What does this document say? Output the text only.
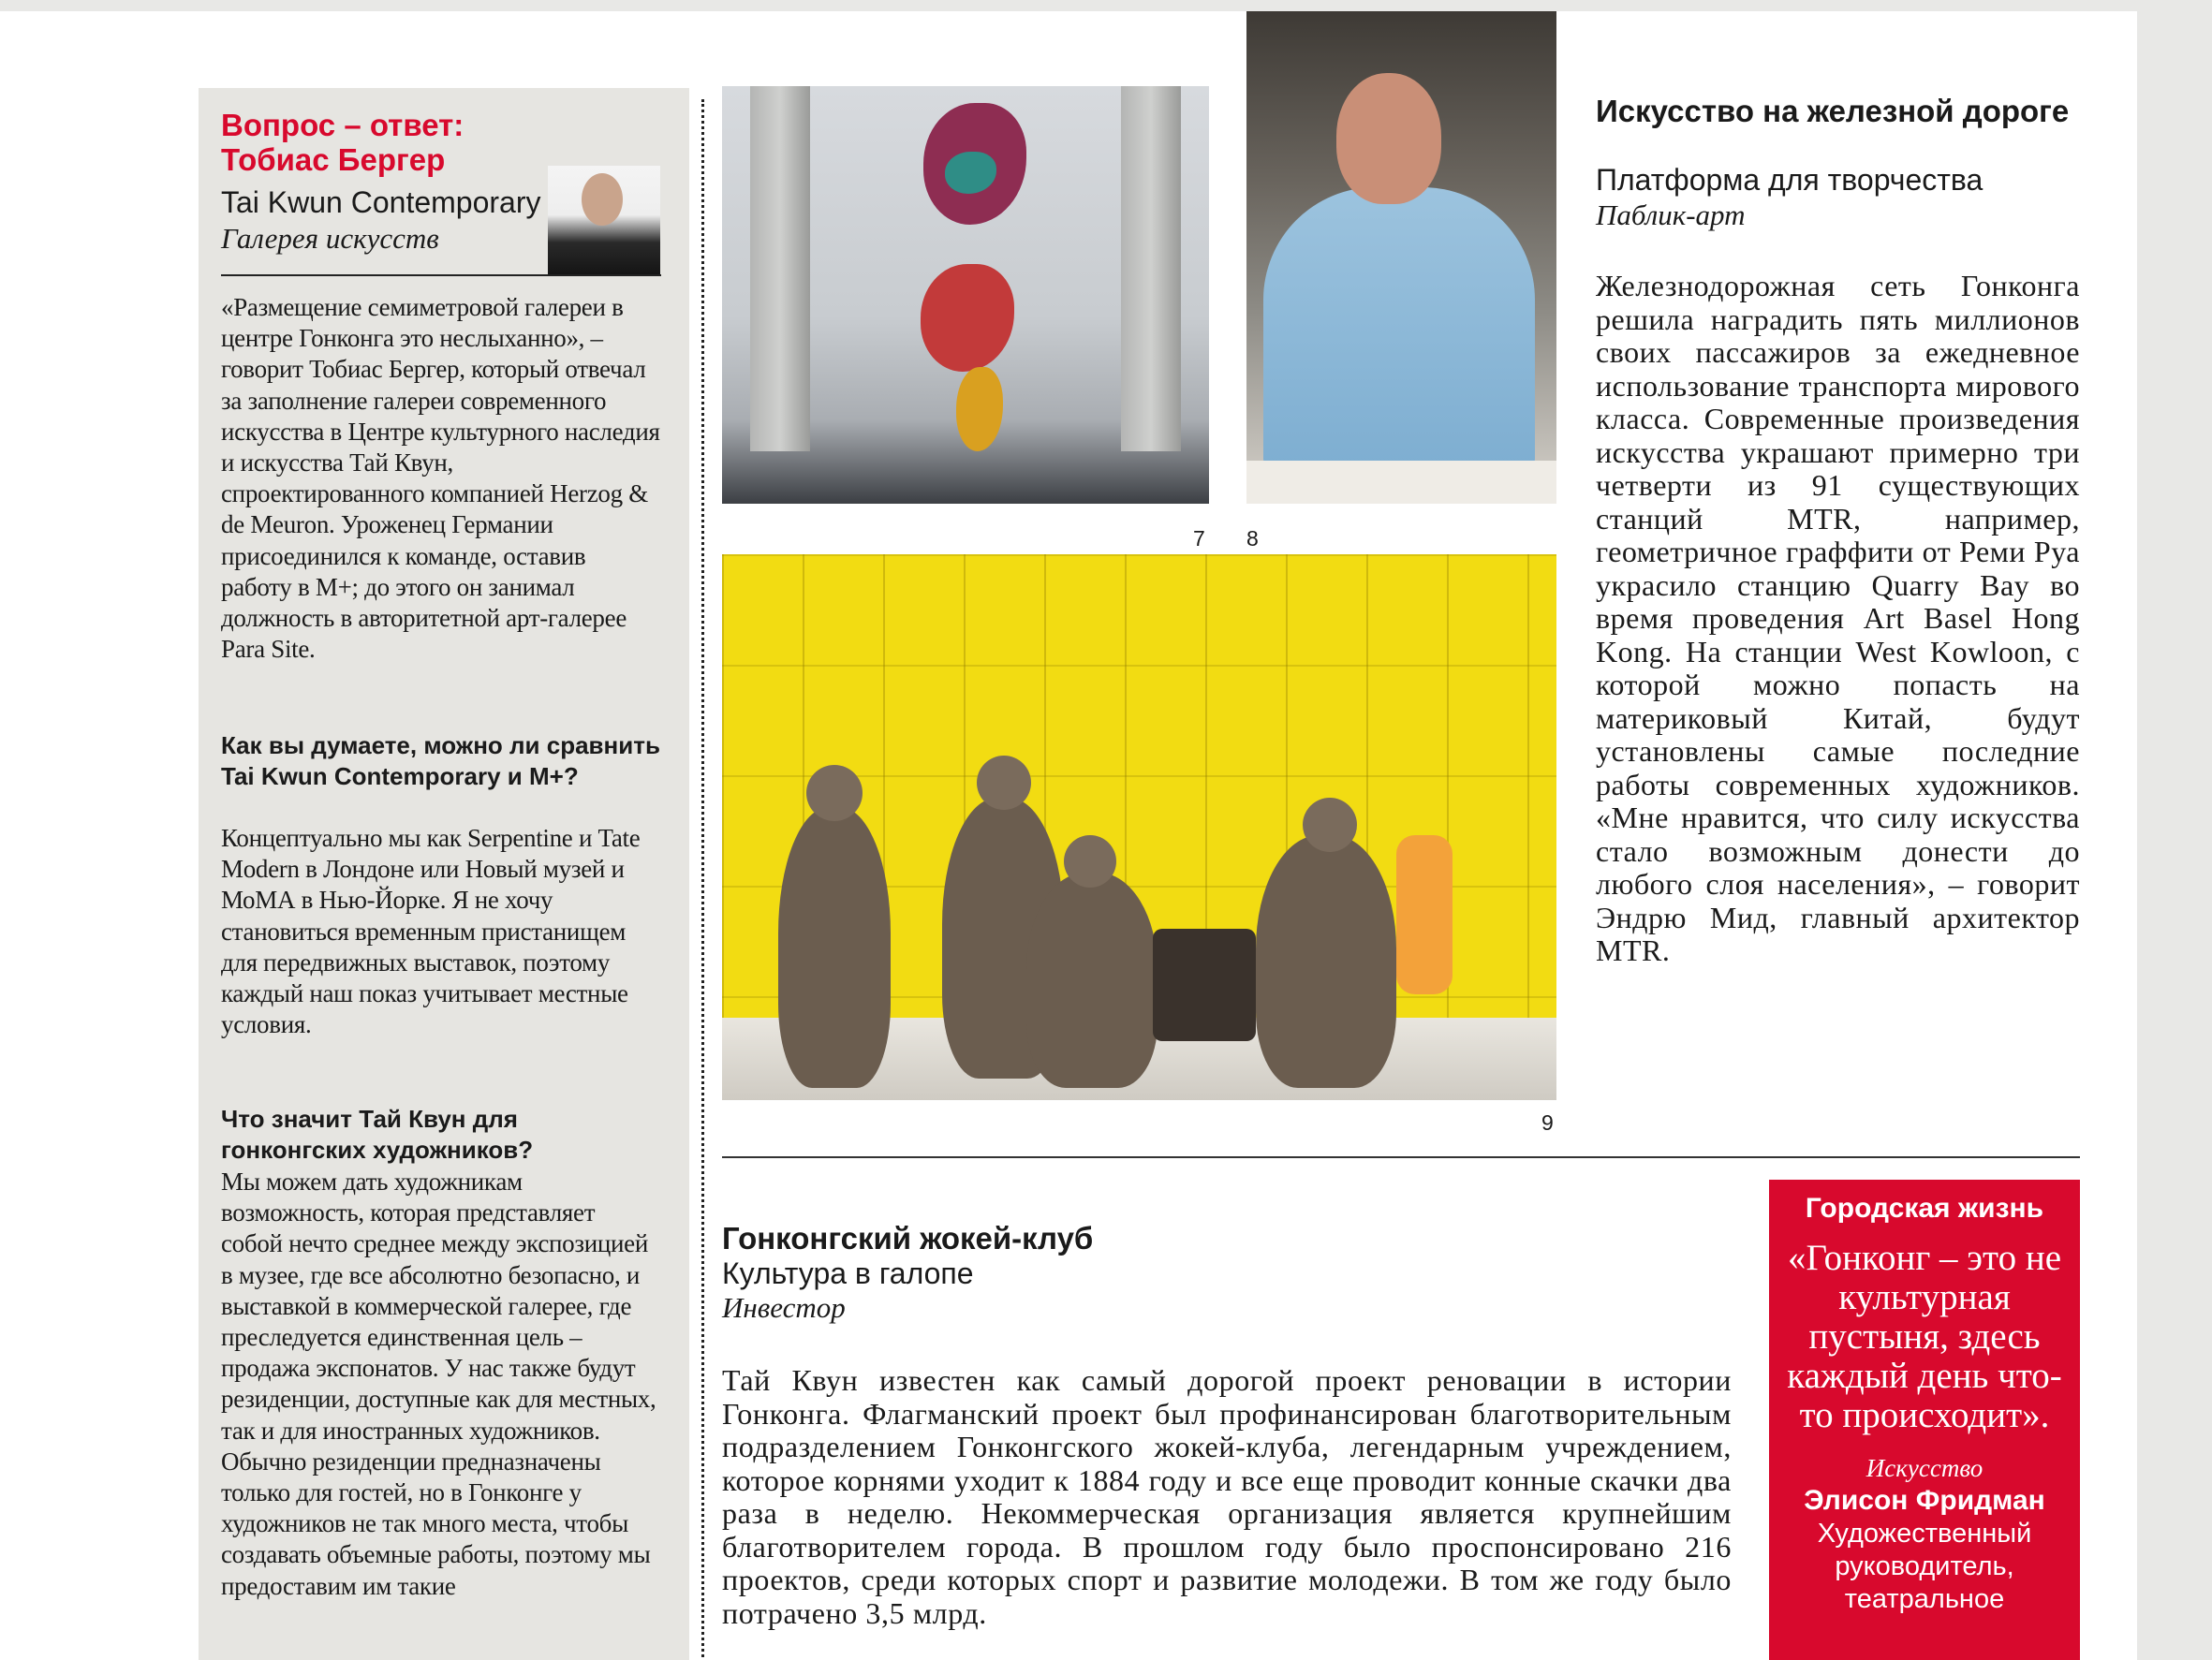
Вопрос – ответ: Тобиас Бергер
Tai Kwun Contemporary
Галерея искусств
«Размещение семиметровой галереи в центре Гонконга это неслыханно», – говорит Тобиас Бергер, который отвечал за заполнение галереи современного искусства в Центре культурного наследия и искусства Тай Квун, спроектированного компанией Herzog & de Meuron. Уроженец Германии присоединился к команде, оставив работу в М+; до этого он занимал должность в авторитетной арт-галерее Para Site.
Как вы думаете, можно ли сравнить Tai Kwun Contemporary и М+?
Концептуально мы как Serpentine и Tate Modern в Лондоне или Новый музей и МоМА в Нью-Йорке. Я не хочу становиться временным пристанищем для передвижных выставок, поэтому каждый наш показ учитывает местные условия.
Что значит Тай Квун для гонконгских художников?
Мы можем дать художникам возможность, которая представляет собой нечто среднее между экспозицией в музее, где все абсолютно безопасно, и выставкой в коммерческой галерее, где преследуется единственная цель – продажа экспонатов. У нас также будут резиденции, доступные как для местных, так и для иностранных художников. Обычно резиденции предназначены только для гостей, но в Гонконге у художников не так много места, чтобы создавать объемные работы, поэтому мы предоставим им такие
7 8
9
Искусство на железной дороге
Платформа для творчества
Паблик-арт
Железнодорожная сеть Гонконга решила наградить пять миллионов своих пассажиров за ежедневное использование транспорта мирового класса. Современные произведения искусства украшают примерно три четверти из 91 существующих станций MTR, например, геометричное граффити от Реми Руа украсило станцию Quarry Bay во время проведения Art Basel Hong Kong. На станции West Kowloon, с которой можно попасть на материковый Китай, будут установлены самые последние работы современных художников. «Мне нравится, что силу искусства стало возможным донести до любого слоя населения», – говорит Эндрю Мид, главный архитектор MTR.
Гонконгский жокей-клуб
Культура в галопе
Инвестор
Тай Квун известен как самый дорогой проект реновации в истории Гонконга. Флагманский проект был профинансирован благотворительным подразделением Гонконгского жокей-клуба, легендарным учреждением, которое корнями уходит к 1884 году и все еще проводит конные скачки два раза в неделю. Некоммерческая организация является крупнейшим благотворителем города. В прошлом году было проспонсировано 216 проектов, среди которых спорт и развитие молодежи. В том же году было потрачено 3,5 млрд.
Городская жизнь
«Гонконг – это не культурная пустыня, здесь каждый день что-то происходит».
Искусство
Элисон Фридман
Художественный руководитель, театральное
